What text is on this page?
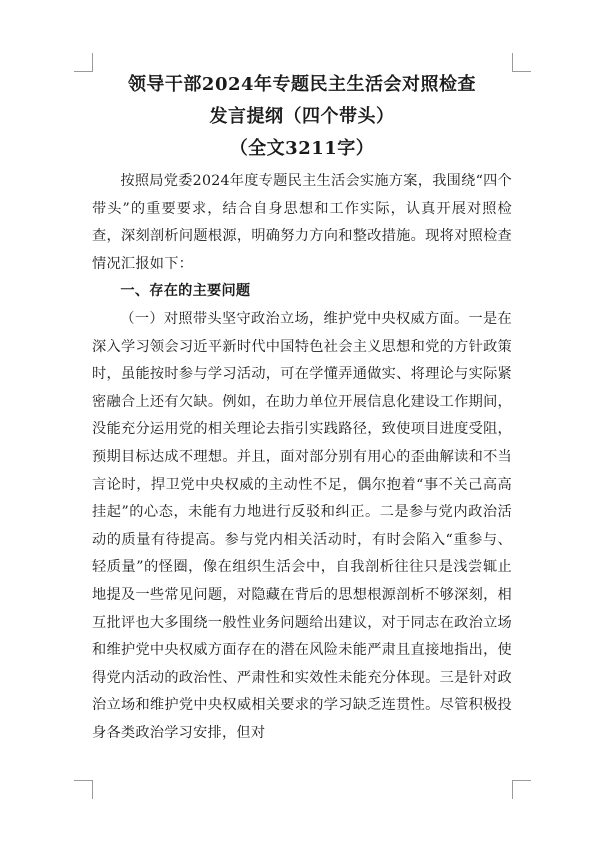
领导干部2024年专题民主生活会对照检查
发言提纲（四个带头）
（全文3211字）

按照局党委2024年度专题民主生活会实施方案，我围绕“四个带头”的重要要求，结合自身思想和工作实际，认真开展对照检查，深刻剖析问题根源，明确努力方向和整改措施。现将对照检查情况汇报如下：

一、存在的主要问题

（一）对照带头坚守政治立场，维护党中央权威方面。一是在深入学习领会习近平新时代中国特色社会主义思想和党的方针政策时，虽能按时参与学习活动，可在学懂弄通做实、将理论与实际紧密融合上还有欠缺。例如，在助力单位开展信息化建设工作期间，没能充分运用党的相关理论去指引实践路径，致使项目进度受阻，预期目标达成不理想。并且，面对部分别有用心的歪曲解读和不当言论时，捍卫党中央权威的主动性不足，偶尔抱着“事不关己高高挂起”的心态，未能有力地进行反驳和纠正。二是参与党内政治活动的质量有待提高。参与党内相关活动时，有时会陷入“重参与、轻质量”的怪圈，像在组织生活会中，自我剖析往往只是浅尝辄止地提及一些常见问题，对隐藏在背后的思想根源剖析不够深刻，相互批评也大多围绕一般性业务问题给出建议，对于同志在政治立场和维护党中央权威方面存在的潜在风险未能严肃且直接地指出，使得党内活动的政治性、严肃性和实效性未能充分体现。三是针对政治立场和维护党中央权威相关要求的学习缺乏连贯性。尽管积极投身各类政治学习安排，但对
